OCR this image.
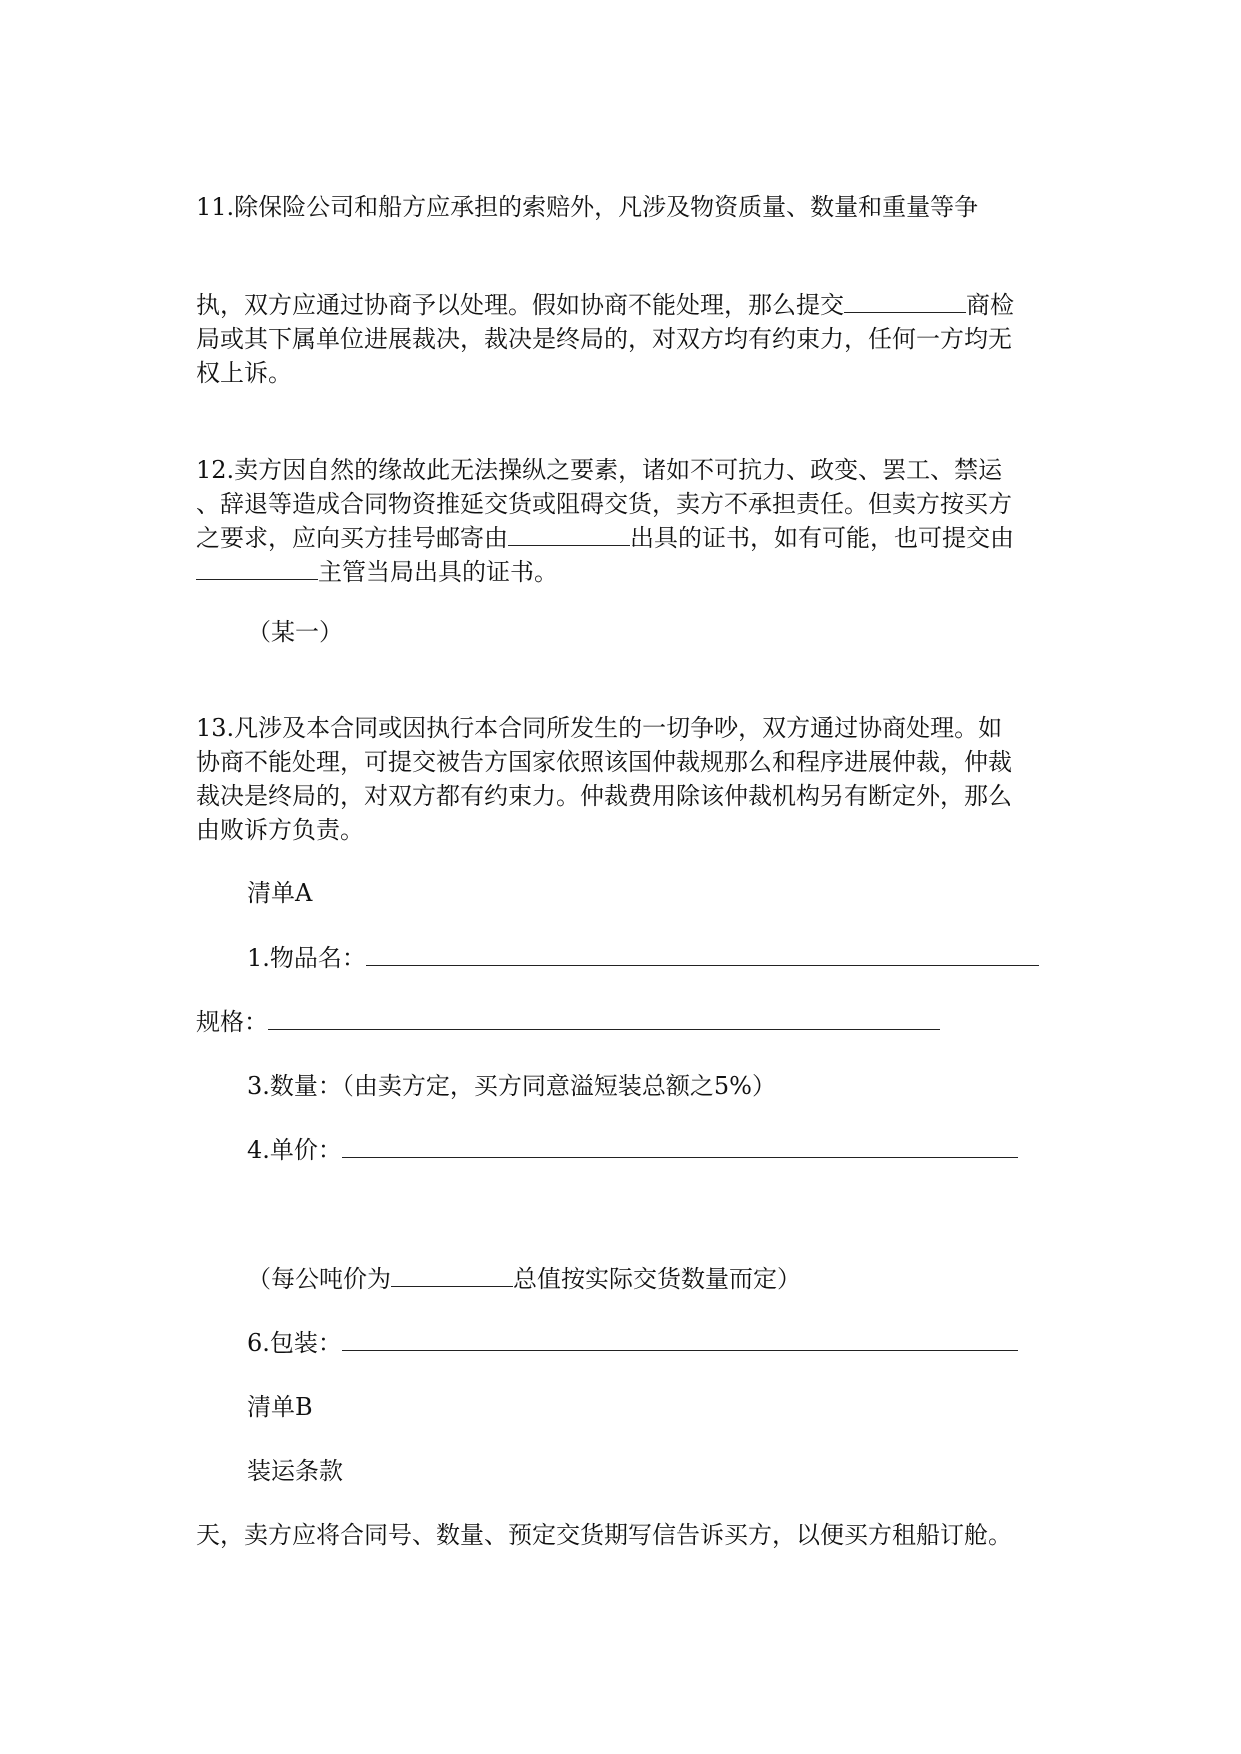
11.除保险公司和船方应承担的索赔外，凡涉及物资质量、数量和重量等争
执，双方应通过协商予以处理。假如协商不能处理，那么提交	商检
局或其下属单位进展裁决，裁决是终局的，对双方均有约束力，任何一方均无
权上诉。
12.卖方因自然的缘故此无法操纵之要素，诸如不可抗力、政变、罢工、禁运
、辞退等造成合同物资推延交货或阻碍交货，卖方不承担责任。但卖方按买方
之要求，应向买方挂号邮寄由	出具的证书，如有可能，也可提交由
主管当局出具的证书。
（某一）
13.凡涉及本合同或因执行本合同所发生的一切争吵，双方通过协商处理。如
协商不能处理，可提交被告方国家依照该国仲裁规那么和程序进展仲裁，仲裁
裁决是终局的，对双方都有约束力。仲裁费用除该仲裁机构另有断定外，那么
由败诉方负责。
清单A
1.物品名：
规格：
3.数量：（由卖方定，买方同意溢短装总额之5%）
4.单价：
（每公吨价为	总值按实际交货数量而定）
6.包装：
清单B
装运条款
天，卖方应将合同号、数量、预定交货期写信告诉买方，以便买方租船订舱。
